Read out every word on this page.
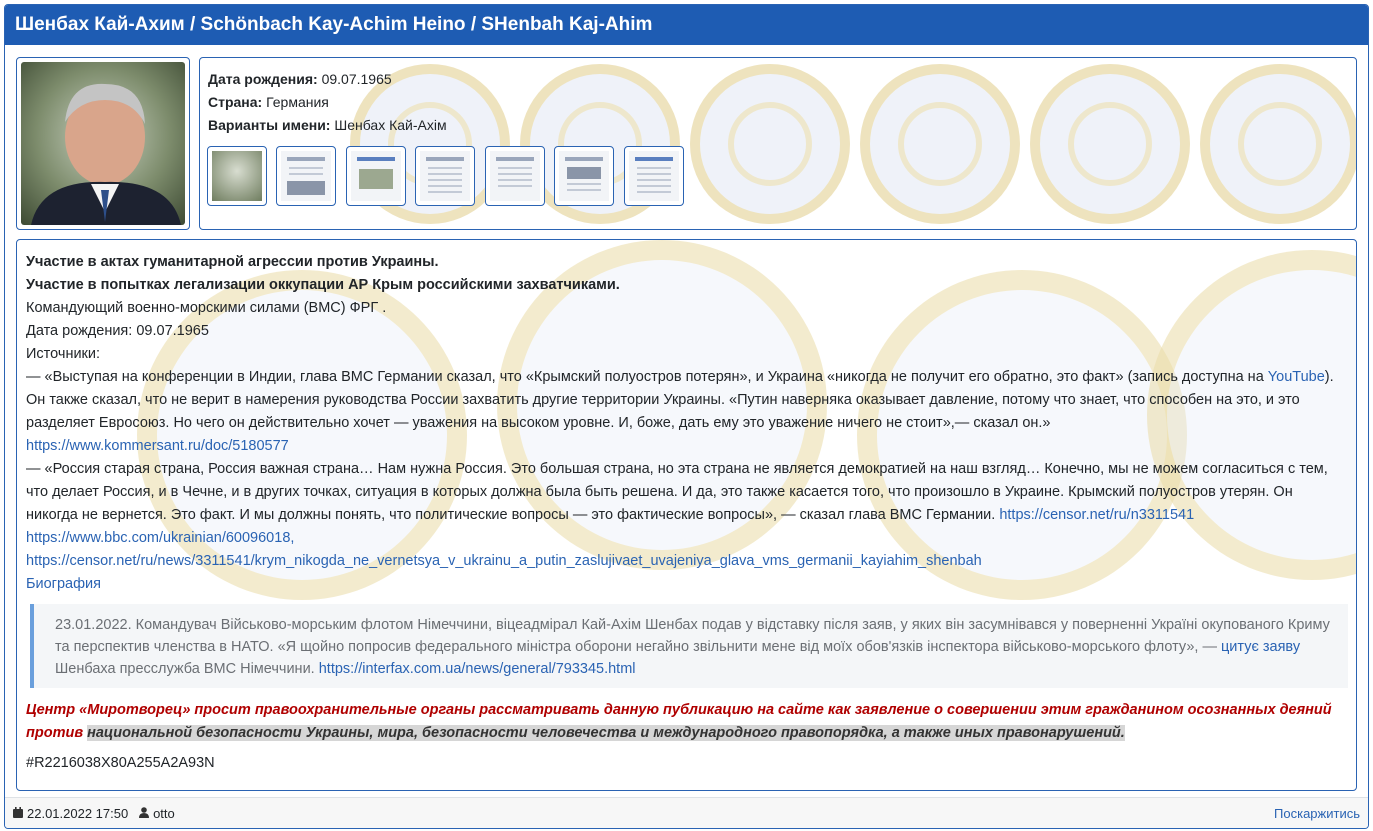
Шенбах Кай-Ахим / Schönbach Kay-Achim Heino / SHenbah Kaj-Ahim
Дата рождения: 09.07.1965
Страна: Германия
Варианты имени: Шенбах Кай-Ахім

Участие в актах гуманитарной агрессии против Украины.

Участие в попытках легализации оккупации АР Крым российскими захватчиками.

Командующий военно-морскими силами (ВМС) ФРГ .

Дата рождения: 09.07.1965

Источники:

— «Выступая на конференции в Индии, глава ВМС Германии сказал, что «Крымский полуостров потерян», и Украина «никогда не получит его обратно, это факт» (запись доступна на YouTube). Он также сказал, что не верит в намерения руководства России захватить другие территории Украины. «Путин наверняка оказывает давление, потому что знает, что способен на это, и это разделяет Евросоюз. Но чего он действительно хочет — уважения на высоком уровне. И, боже, дать ему это уважение ничего не стоит»,— сказал он.»

https://www.kommersant.ru/doc/5180577

— «Россия старая страна, Россия важная страна… Нам нужна Россия. Это большая страна, но эта страна не является демократией на наш взгляд… Конечно, мы не можем согласиться с тем, что делает Россия, и в Чечне, и в других точках, ситуация в которых должна была быть решена. И да, это также касается того, что произошло в Украине. Крымский полуостров утерян. Он никогда не вернется. Это факт. И мы должны понять, что политические вопросы — это фактические вопросы», — сказал глава ВМС Германии. https://censor.net/ru/n3311541

https://www.bbc.com/ukrainian/60096018,

https://censor.net/ru/news/3311541/krym_nikogda_ne_vernetsya_v_ukrainu_a_putin_zaslujivaet_uvajeniya_glava_vms_germanii_kayiahim_shenbah

Биография

23.01.2022. Командувач Військово-морським флотом Німеччини, віцеадмірал Кай-Ахім Шенбах подав у відставку після заяв, у яких він засумнівався у поверненні Україні окупованого Криму та перспектив членства в НАТО. «Я щойно попросив федерального міністра оборони негайно звільнити мене від моїх обов'язків інспектора військово-морського флоту», — цитує заяву Шенбаха пресслужба ВМС Німеччини. https://interfax.com.ua/news/general/793345.html
Центр «Миротворец» просит правоохранительные органы рассматривать данную публикацию на сайте как заявление о совершении этим гражданином осознанных деяний против национальной безопасности Украины, мира, безопасности человечества и международного правопорядка, а также иных правонарушений.
#R2216038X80A255A2A93N
22.01.2022 17:50 otto	Поскаржитись
